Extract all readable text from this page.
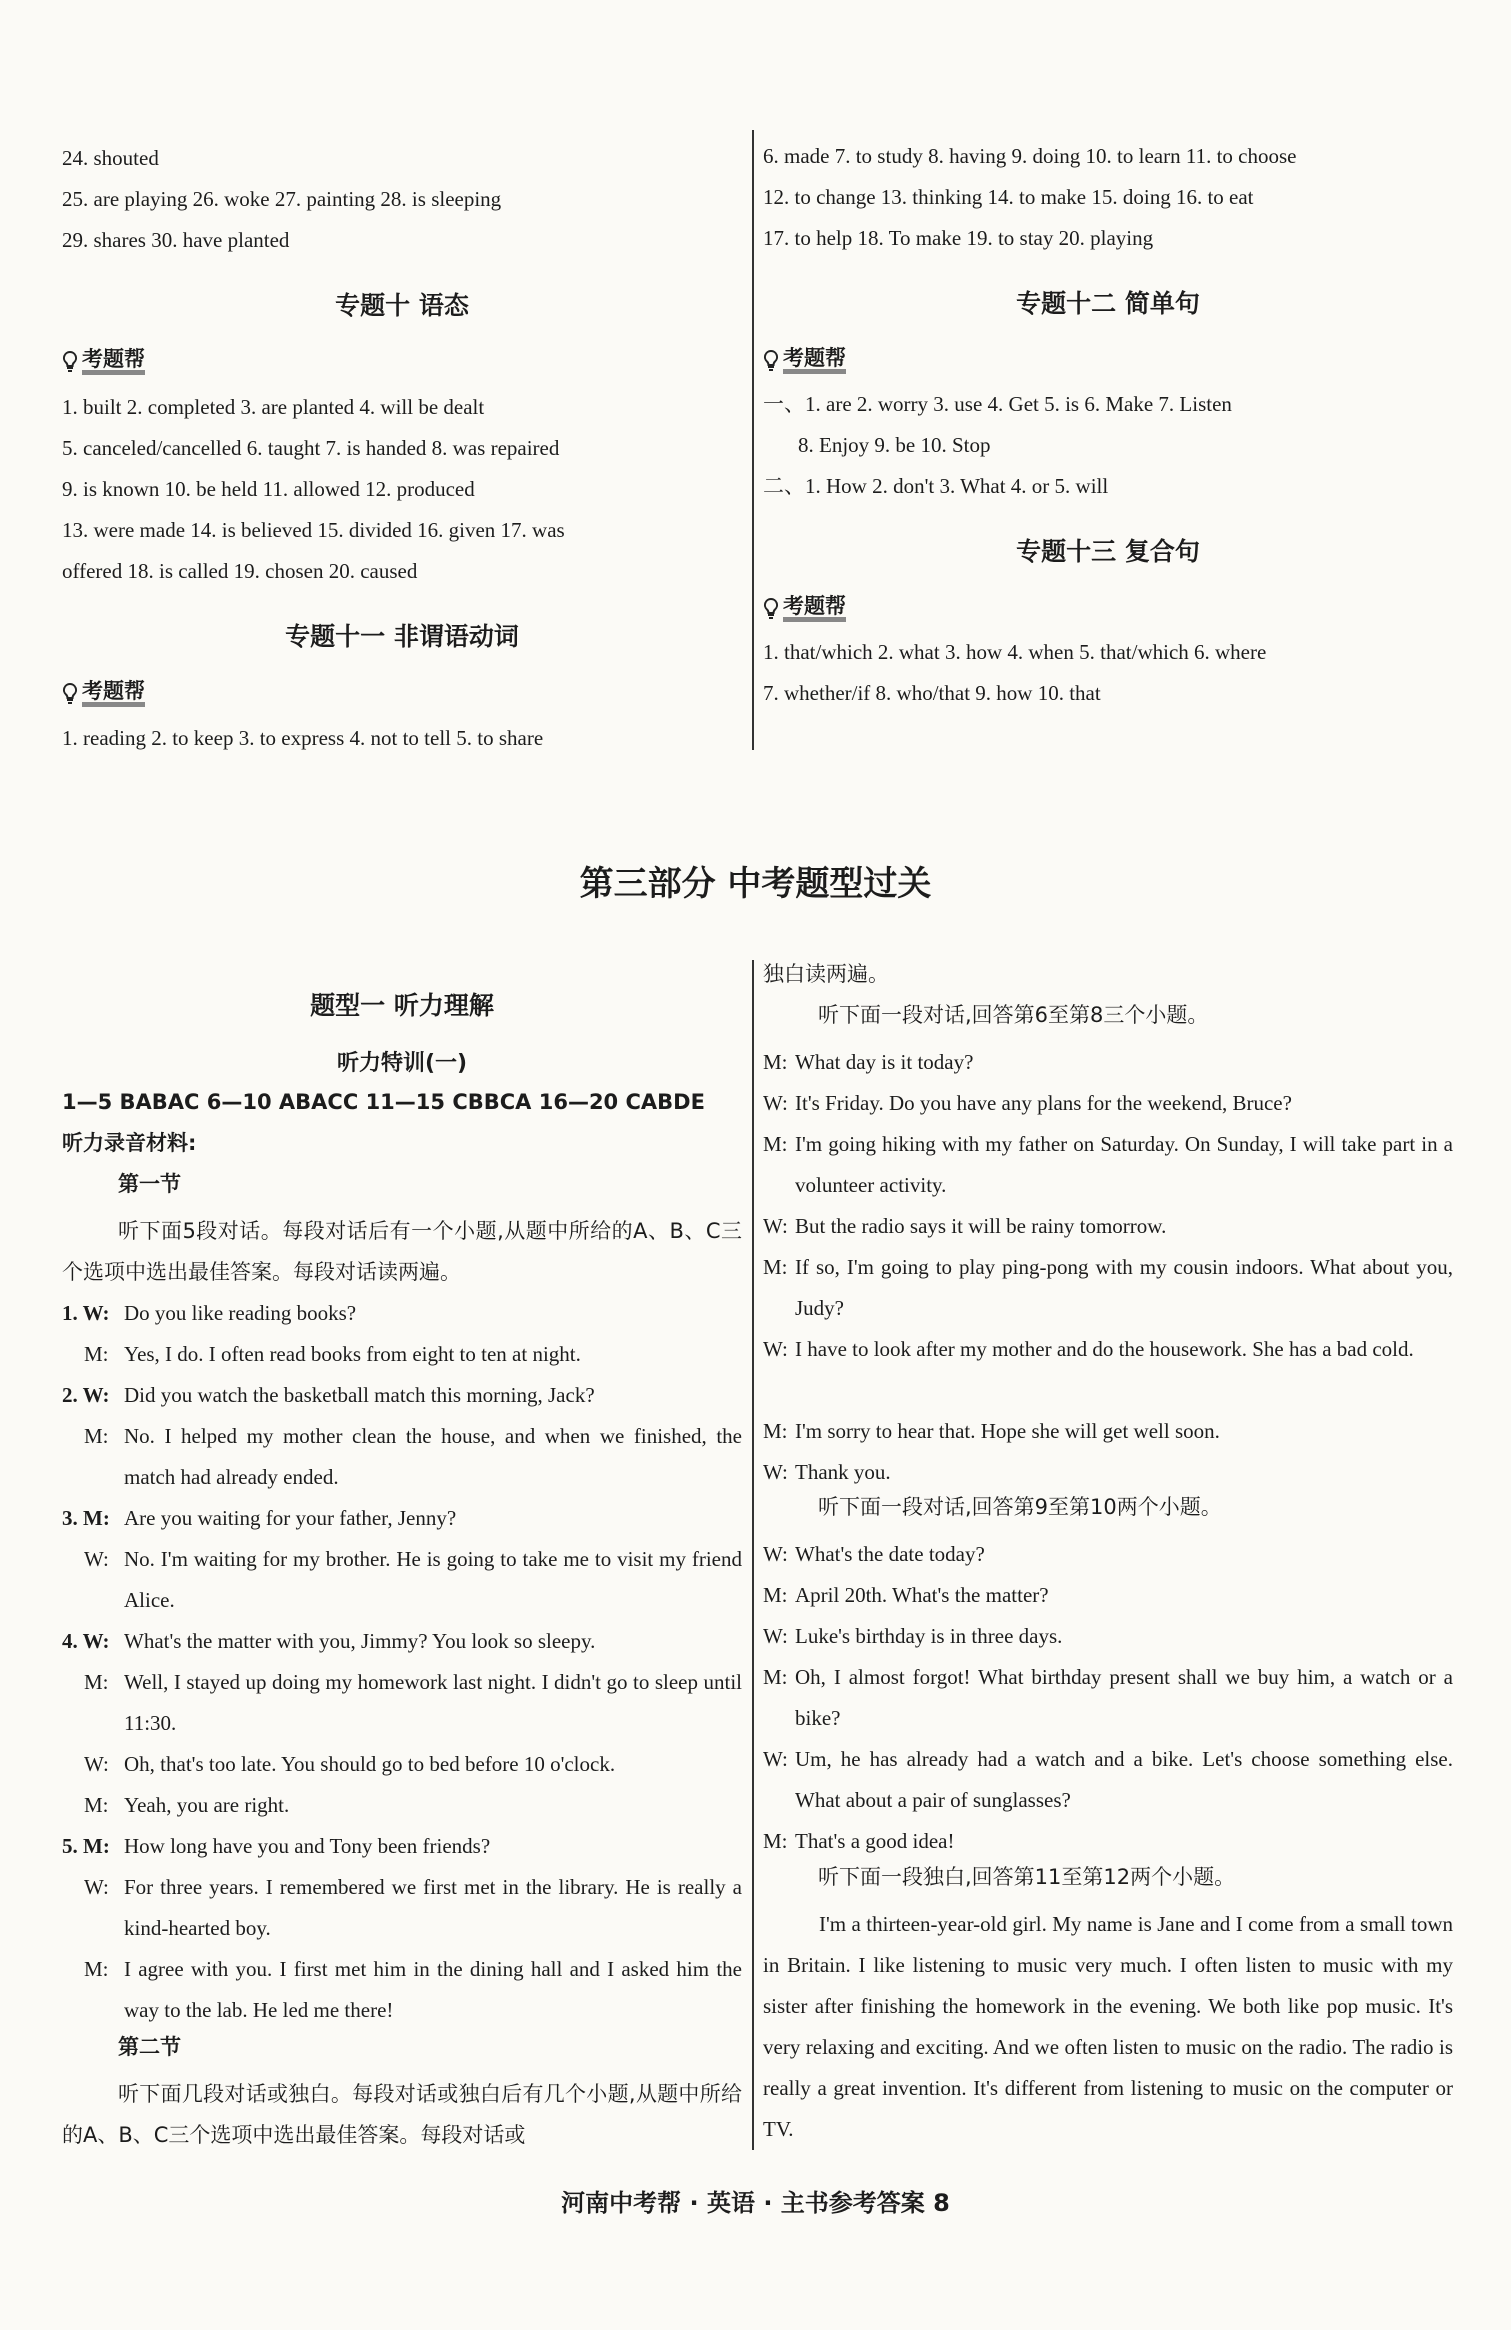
24. shouted
25. are playing 26. woke 27. painting 28. is sleeping
29. shares 30. have planted
专题十 语态
考题帮
1. built 2. completed 3. are planted 4. will be dealt
5. canceled/cancelled 6. taught 7. is handed 8. was repaired
9. is known 10. be held 11. allowed 12. produced
13. were made 14. is believed 15. divided 16. given 17. was
offered 18. is called 19. chosen 20. caused
专题十一 非谓语动词
考题帮
1. reading 2. to keep 3. to express 4. not to tell 5. to share
6. made 7. to study 8. having 9. doing 10. to learn 11. to choose
12. to change 13. thinking 14. to make 15. doing 16. to eat
17. to help 18. To make 19. to stay 20. playing
专题十二 简单句
考题帮
一、1. are 2. worry 3. use 4. Get 5. is 6. Make 7. Listen
8. Enjoy 9. be 10. Stop
二、1. How 2. don't 3. What 4. or 5. will
专题十三 复合句
考题帮
1. that/which 2. what 3. how 4. when 5. that/which 6. where
7. whether/if 8. who/that 9. how 10. that
第三部分 中考题型过关
题型一 听力理解
听力特训(一)
1—5 BABAC 6—10 ABACC 11—15 CBBCA 16—20 CABDE
听力录音材料:
第一节
听下面5段对话。每段对话后有一个小题,从题中所给的A、B、C三个选项中选出最佳答案。每段对话读两遍。
1. W: Do you like reading books?
M: Yes, I do. I often read books from eight to ten at night.
2. W: Did you watch the basketball match this morning, Jack?
M: No. I helped my mother clean the house, and when we finished, the match had already ended.
3. M: Are you waiting for your father, Jenny?
W: No. I'm waiting for my brother. He is going to take me to visit my friend Alice.
4. W: What's the matter with you, Jimmy? You look so sleepy.
M: Well, I stayed up doing my homework last night. I didn't go to sleep until 11:30.
W: Oh, that's too late. You should go to bed before 10 o'clock.
M: Yeah, you are right.
5. M: How long have you and Tony been friends?
W: For three years. I remembered we first met in the library. He is really a kind-hearted boy.
M: I agree with you. I first met him in the dining hall and I asked him the way to the lab. He led me there!
第二节
听下面几段对话或独白。每段对话或独白后有几个小题,从题中所给的A、B、C三个选项中选出最佳答案。每段对话或
独白读两遍。
听下面一段对话,回答第6至第8三个小题。
M: What day is it today?
W: It's Friday. Do you have any plans for the weekend, Bruce?
M: I'm going hiking with my father on Saturday. On Sunday, I will take part in a volunteer activity.
W: But the radio says it will be rainy tomorrow.
M: If so, I'm going to play ping-pong with my cousin indoors. What about you, Judy?
W: I have to look after my mother and do the housework. She has a bad cold.
M: I'm sorry to hear that. Hope she will get well soon.
W: Thank you.
听下面一段对话,回答第9至第10两个小题。
W: What's the date today?
M: April 20th. What's the matter?
W: Luke's birthday is in three days.
M: Oh, I almost forgot! What birthday present shall we buy him, a watch or a bike?
W: Um, he has already had a watch and a bike. Let's choose something else. What about a pair of sunglasses?
M: That's a good idea!
听下面一段独白,回答第11至第12两个小题。
I'm a thirteen-year-old girl. My name is Jane and I come from a small town in Britain. I like listening to music very much. I often listen to music with my sister after finishing the homework in the evening. We both like pop music. It's very relaxing and exciting. And we often listen to music on the radio. The radio is really a great invention. It's different from listening to music on the computer or TV.
河南中考帮 · 英语 · 主书参考答案 8
